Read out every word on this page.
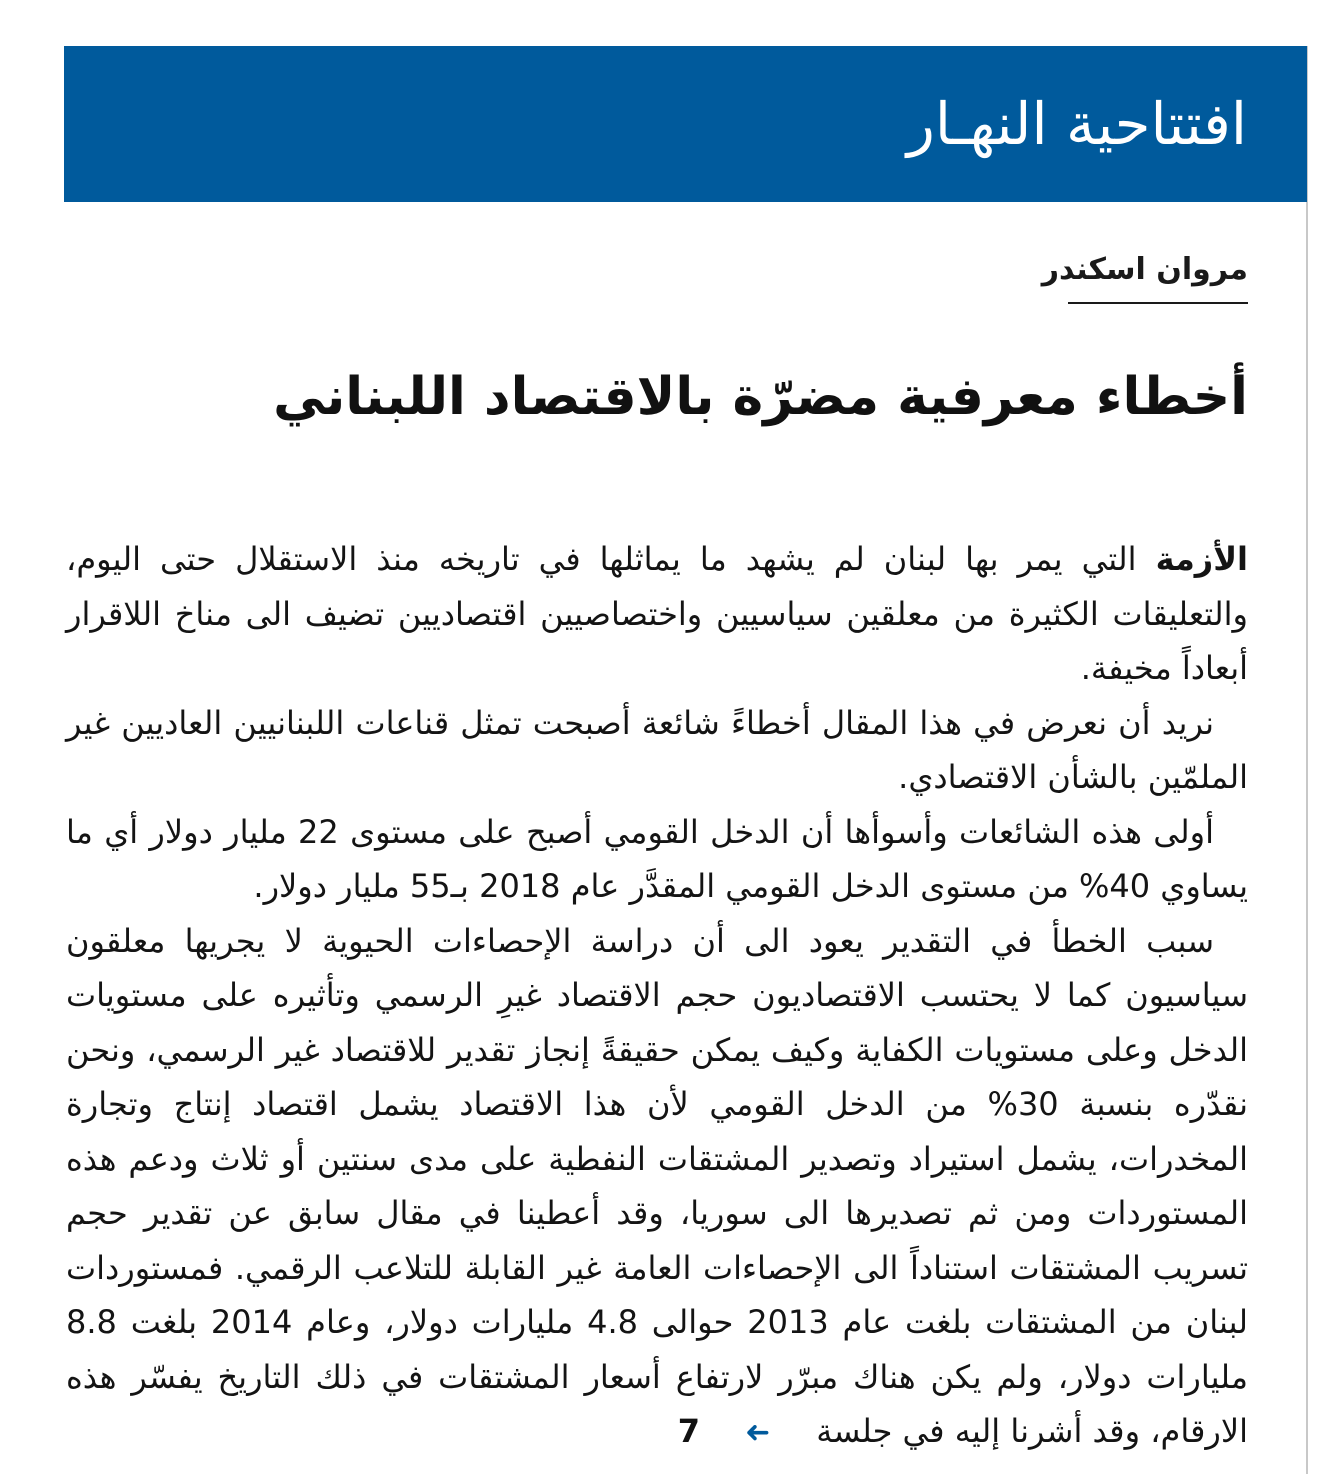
افتتاحية النهـار
مروان اسكندر
أخطاء معرفية مضرّة بالاقتصاد اللبناني

الأزمة التي يمر بها لبنان لم يشهد ما يماثلها في تاريخه منذ الاستقلال حتى اليوم، والتعليقات الكثيرة من معلقين سياسيين واختصاصيين اقتصاديين تضيف الى مناخ اللاقرار أبعاداً مخيفة.

نريد أن نعرض في هذا المقال أخطاءً شائعة أصبحت تمثل قناعات اللبنانيين العاديين غير الملمّين بالشأن الاقتصادي.

أولى هذه الشائعات وأسوأها أن الدخل القومي أصبح على مستوى 22 مليار دولار أي ما يساوي 40% من مستوى الدخل القومي المقدَّر عام 2018 بـ55 مليار دولار.

سبب الخطأ في التقدير يعود الى أن دراسة الإحصاءات الحيوية لا يجريها معلقون سياسيون كما لا يحتسب الاقتصاديون حجم الاقتصاد غيرِ الرسمي وتأثيره على مستويات الدخل وعلى مستويات الكفاية وكيف يمكن حقيقةً إنجاز تقدير للاقتصاد غير الرسمي، ونحن نقدّره بنسبة 30% من الدخل القومي لأن هذا الاقتصاد يشمل اقتصاد إنتاج وتجارة المخدرات، يشمل استيراد وتصدير المشتقات النفطية على مدى سنتين أو ثلاث ودعم هذه المستوردات ومن ثم تصديرها الى سوريا، وقد أعطينا في مقال سابق عن تقدير حجم تسريب المشتقات استناداً الى الإحصاءات العامة غير القابلة للتلاعب الرقمي. فمستوردات لبنان من المشتقات بلغت عام 2013 حوالى 4.8 مليارات دولار، وعام 2014 بلغت 8.8 مليارات دولار، ولم يكن هناك مبرّر لارتفاع أسعار المشتقات في ذلك التاريخ يفسّر هذه الارقام، وقد أشرنا إليه في جلسة➜ 7
